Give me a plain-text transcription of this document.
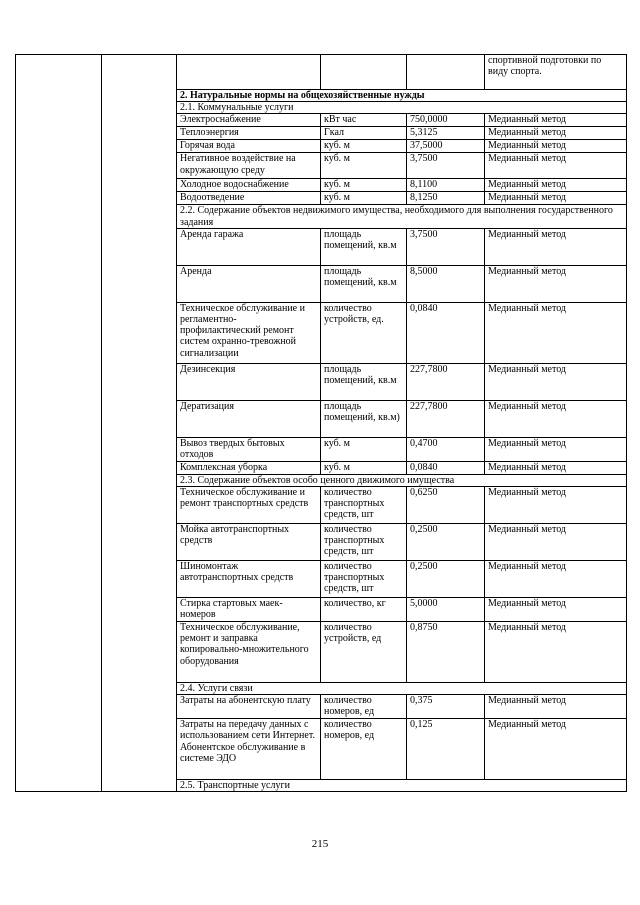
					спортивной подготовки по виду спорта.
		2. Натуральные нормы на общехозяйственные нужды			
		2.1. Коммунальные услуги			
		Электроснабжение	кВт час	750,0000	Медианный метод
		Теплоэнергия	Гкал	5,3125	Медианный метод
		Горячая вода	куб. м	37,5000	Медианный метод
		Негативное воздействие на окружающую среду	куб. м	3,7500	Медианный метод
		Холодное водоснабжение	куб. м	8,1100	Медианный метод
		Водоотведение	куб. м	8,1250	Медианный метод
		2.2. Содержание объектов недвижимого имущества, необходимого для выполнения государственного задания			
		Аренда гаража	площадь помещений, кв.м	3,7500	Медианный метод
		Аренда	площадь помещений, кв.м	8,5000	Медианный метод
		Техническое обслуживание и регламентно-профилактический ремонт систем охранно-тревожной сигнализации	количество устройств, ед.	0,0840	Медианный метод
		Дезинсекция	площадь помещений, кв.м	227,7800	Медианный метод
		Дератизация	площадь помещений, кв.м)	227,7800	Медианный метод
		Вывоз твердых бытовых отходов	куб. м	0,4700	Медианный метод
		Комплексная уборка	куб. м	0,0840	Медианный метод
		2.3. Содержание объектов особо ценного движимого имущества			
		Техническое обслуживание и ремонт транспортных средств	количество транспортных средств, шт	0,6250	Медианный метод
		Мойка автотранспортных средств	количество транспортных средств, шт	0,2500	Медианный метод
		Шиномонтаж автотранспортных средств	количество транспортных средств, шт	0,2500	Медианный метод
		Стирка стартовых маек-номеров	количество, кг	5,0000	Медианный метод
		Техническое обслуживание, ремонт и заправка копировально-множительного оборудования	количество устройств, ед	0,8750	Медианный метод
		2.4. Услуги связи			
		Затраты на абонентскую плату	количество номеров, ед	0,375	Медианный метод
		Затраты на передачу данных с использованием сети Интернет. Абонентское обслуживание в системе ЭДО	количество номеров, ед	0,125	Медианный метод
		2.5. Транспортные услуги			
215
